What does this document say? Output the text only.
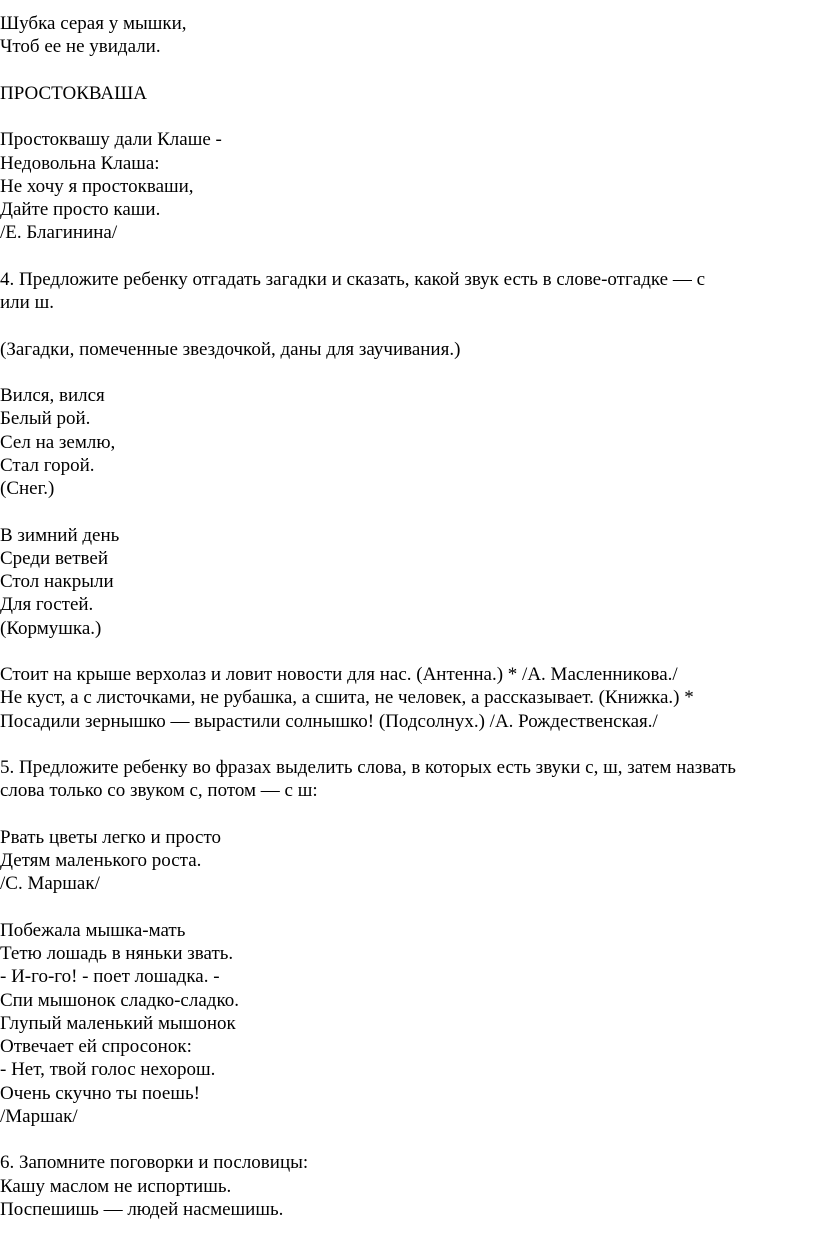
Шубка серая у мышки,

Чтоб ее не увидали.

ПРОСТОКВАША

Простоквашу дали Клаше -

Недовольна Клаша:

Не хочу я простокваши,

Дайте просто каши.

/Е. Благинина/

4. Предложите ребенку отгадать загадки и сказать, какой звук есть в слове-отгадке — с

или ш.

(Загадки, помеченные звездочкой, даны для заучивания.)

Вился, вился

Белый рой.

Сел на землю,

Стал горой.

(Снег.)

В зимний день

Среди ветвей

Стол накрыли

Для гостей.

(Кормушка.)

Стоит на крыше верхолаз и ловит новости для нас. (Антенна.) * /А. Масленникова./

Не куст, а с листочками, не рубашка, а сшита, не человек, а рассказывает. (Книжка.) *

Посадили зернышко — вырастили солнышко! (Подсолнух.) /А. Рождественская./

5. Предложите ребенку во фразах выделить слова, в которых есть звуки с, ш, затем назвать

слова только со звуком с, потом — с ш:

Рвать цветы легко и просто

Детям маленького роста.

/С. Маршак/

Побежала мышка-мать

Тетю лошадь в няньки звать.

- И-го-го! - поет лошадка. -

Спи мышонок сладко-сладко.

Глупый маленький мышонок

Отвечает ей спросонок:

- Нет, твой голос нехорош.

Очень скучно ты поешь!

/Маршак/

6. Запомните поговорки и пословицы:

Кашу маслом не испортишь.

Поспешишь — людей насмешишь.
